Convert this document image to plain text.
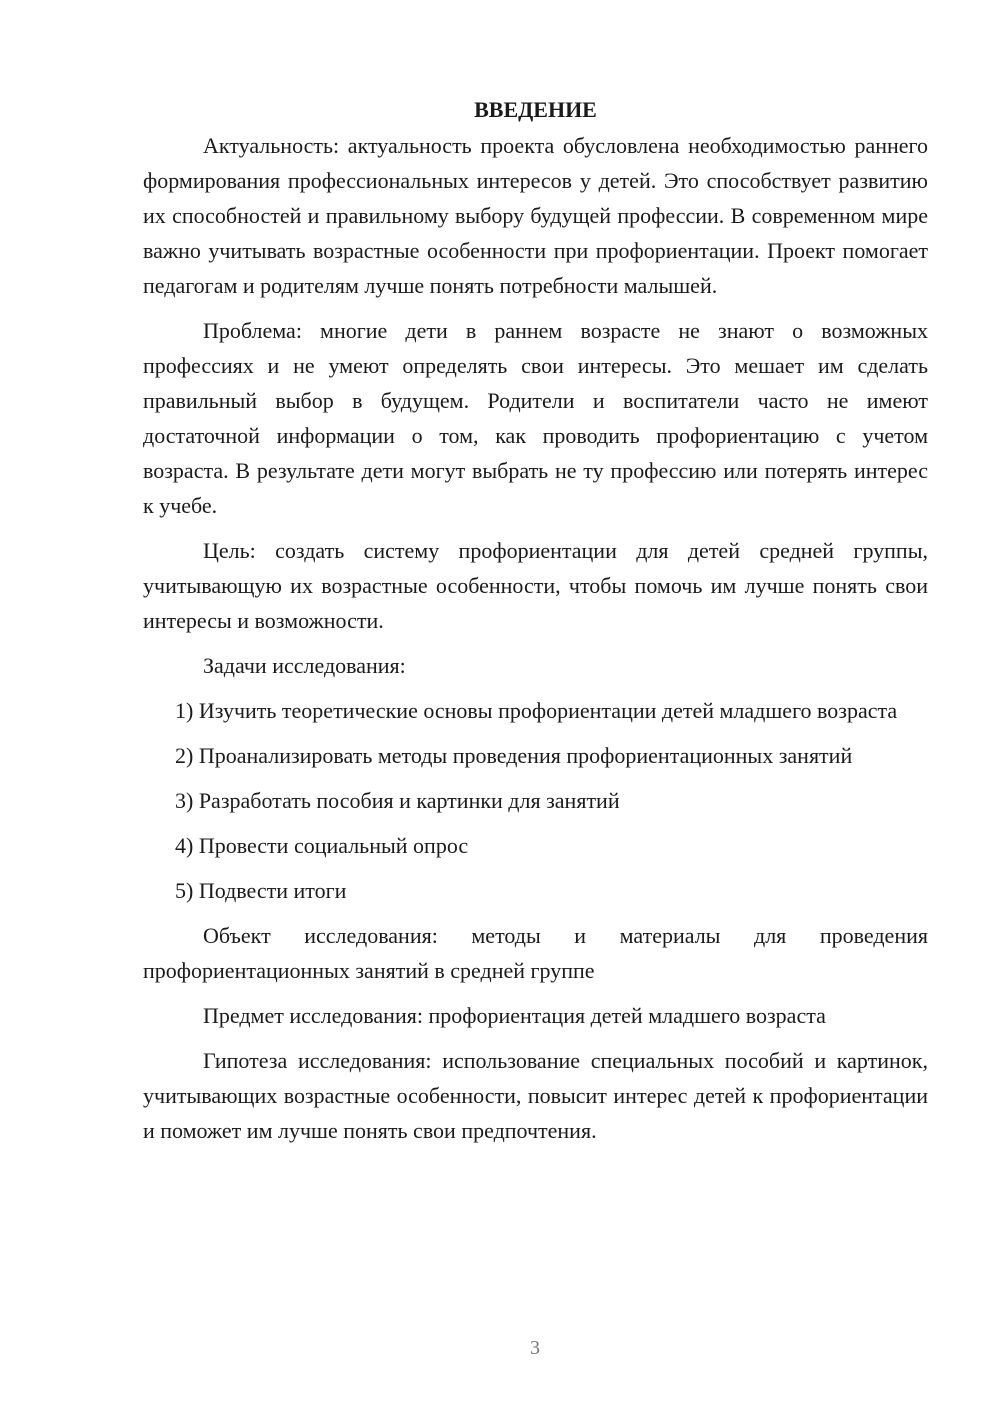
ВВЕДЕНИЕ

Актуальность: актуальность проекта обусловлена необходимостью раннего формирования профессиональных интересов у детей. Это способствует развитию их способностей и правильному выбору будущей профессии. В современном мире важно учитывать возрастные особенности при профориентации. Проект помогает педагогам и родителям лучше понять потребности малышей.

Проблема: многие дети в раннем возрасте не знают о возможных профессиях и не умеют определять свои интересы. Это мешает им сделать правильный выбор в будущем. Родители и воспитатели часто не имеют достаточной информации о том, как проводить профориентацию с учетом возраста. В результате дети могут выбрать не ту профессию или потерять интерес к учебе.

Цель: создать систему профориентации для детей средней группы, учитывающую их возрастные особенности, чтобы помочь им лучше понять свои интересы и возможности.

Задачи исследования:

1) Изучить теоретические основы профориентации детей младшего возраста

2) Проанализировать методы проведения профориентационных занятий

3) Разработать пособия и картинки для занятий

4) Провести социальный опрос

5) Подвести итоги

Объект исследования: методы и материалы для проведения профориентационных занятий в средней группе

Предмет исследования: профориентация детей младшего возраста

Гипотеза исследования: использование специальных пособий и картинок, учитывающих возрастные особенности, повысит интерес детей к профориентации и поможет им лучше понять свои предпочтения.

3
